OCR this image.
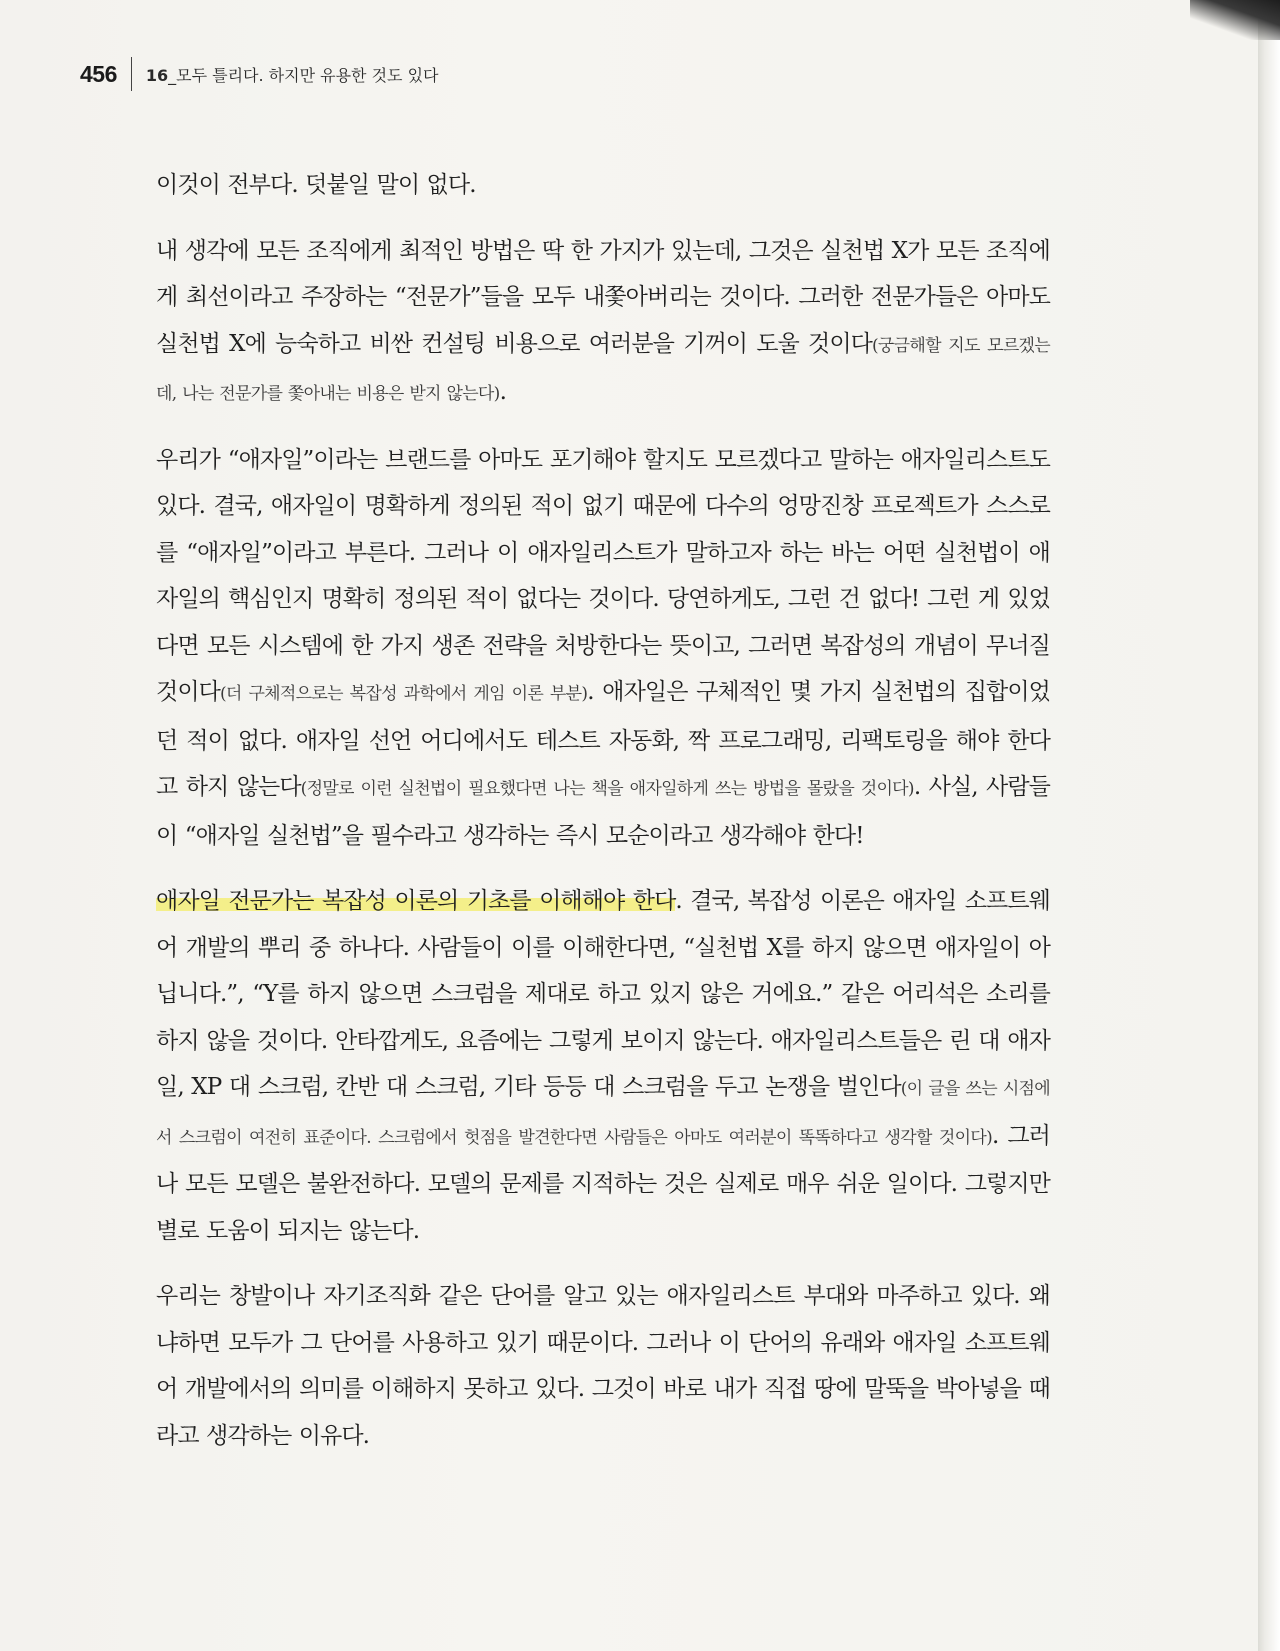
456 16_모두 틀리다. 하지만 유용한 것도 있다

이것이 전부다. 덧붙일 말이 없다.

내 생각에 모든 조직에게 최적인 방법은 딱 한 가지가 있는데, 그것은 실천법 X가 모든 조직에게 최선이라고 주장하는 “전문가”들을 모두 내쫓아버리는 것이다. 그러한 전문가들은 아마도 실천법 X에 능숙하고 비싼 컨설팅 비용으로 여러분을 기꺼이 도울 것이다(궁금해할 지도 모르겠는데, 나는 전문가를 쫓아내는 비용은 받지 않는다).

우리가 “애자일”이라는 브랜드를 아마도 포기해야 할지도 모르겠다고 말하는 애자일리스트도 있다. 결국, 애자일이 명확하게 정의된 적이 없기 때문에 다수의 엉망진창 프로젝트가 스스로를 “애자일”이라고 부른다. 그러나 이 애자일리스트가 말하고자 하는 바는 어떤 실천법이 애자일의 핵심인지 명확히 정의된 적이 없다는 것이다. 당연하게도, 그런 건 없다! 그런 게 있었다면 모든 시스템에 한 가지 생존 전략을 처방한다는 뜻이고, 그러면 복잡성의 개념이 무너질 것이다(더 구체적으로는 복잡성 과학에서 게임 이론 부분). 애자일은 구체적인 몇 가지 실천법의 집합이었던 적이 없다. 애자일 선언 어디에서도 테스트 자동화, 짝 프로그래밍, 리팩토링을 해야 한다고 하지 않는다(정말로 이런 실천법이 필요했다면 나는 책을 애자일하게 쓰는 방법을 몰랐을 것이다). 사실, 사람들이 “애자일 실천법”을 필수라고 생각하는 즉시 모순이라고 생각해야 한다!

애자일 전문가는 복잡성 이론의 기초를 이해해야 한다. 결국, 복잡성 이론은 애자일 소프트웨어 개발의 뿌리 중 하나다. 사람들이 이를 이해한다면, “실천법 X를 하지 않으면 애자일이 아닙니다.”, “Y를 하지 않으면 스크럼을 제대로 하고 있지 않은 거에요.” 같은 어리석은 소리를 하지 않을 것이다. 안타깝게도, 요즘에는 그렇게 보이지 않는다. 애자일리스트들은 린 대 애자일, XP 대 스크럼, 칸반 대 스크럼, 기타 등등 대 스크럼을 두고 논쟁을 벌인다(이 글을 쓰는 시점에서 스크럼이 여전히 표준이다. 스크럼에서 헛점을 발견한다면 사람들은 아마도 여러분이 똑똑하다고 생각할 것이다). 그러나 모든 모델은 불완전하다. 모델의 문제를 지적하는 것은 실제로 매우 쉬운 일이다. 그렇지만 별로 도움이 되지는 않는다.

우리는 창발이나 자기조직화 같은 단어를 알고 있는 애자일리스트 부대와 마주하고 있다. 왜냐하면 모두가 그 단어를 사용하고 있기 때문이다. 그러나 이 단어의 유래와 애자일 소프트웨어 개발에서의 의미를 이해하지 못하고 있다. 그것이 바로 내가 직접 땅에 말뚝을 박아넣을 때라고 생각하는 이유다.
